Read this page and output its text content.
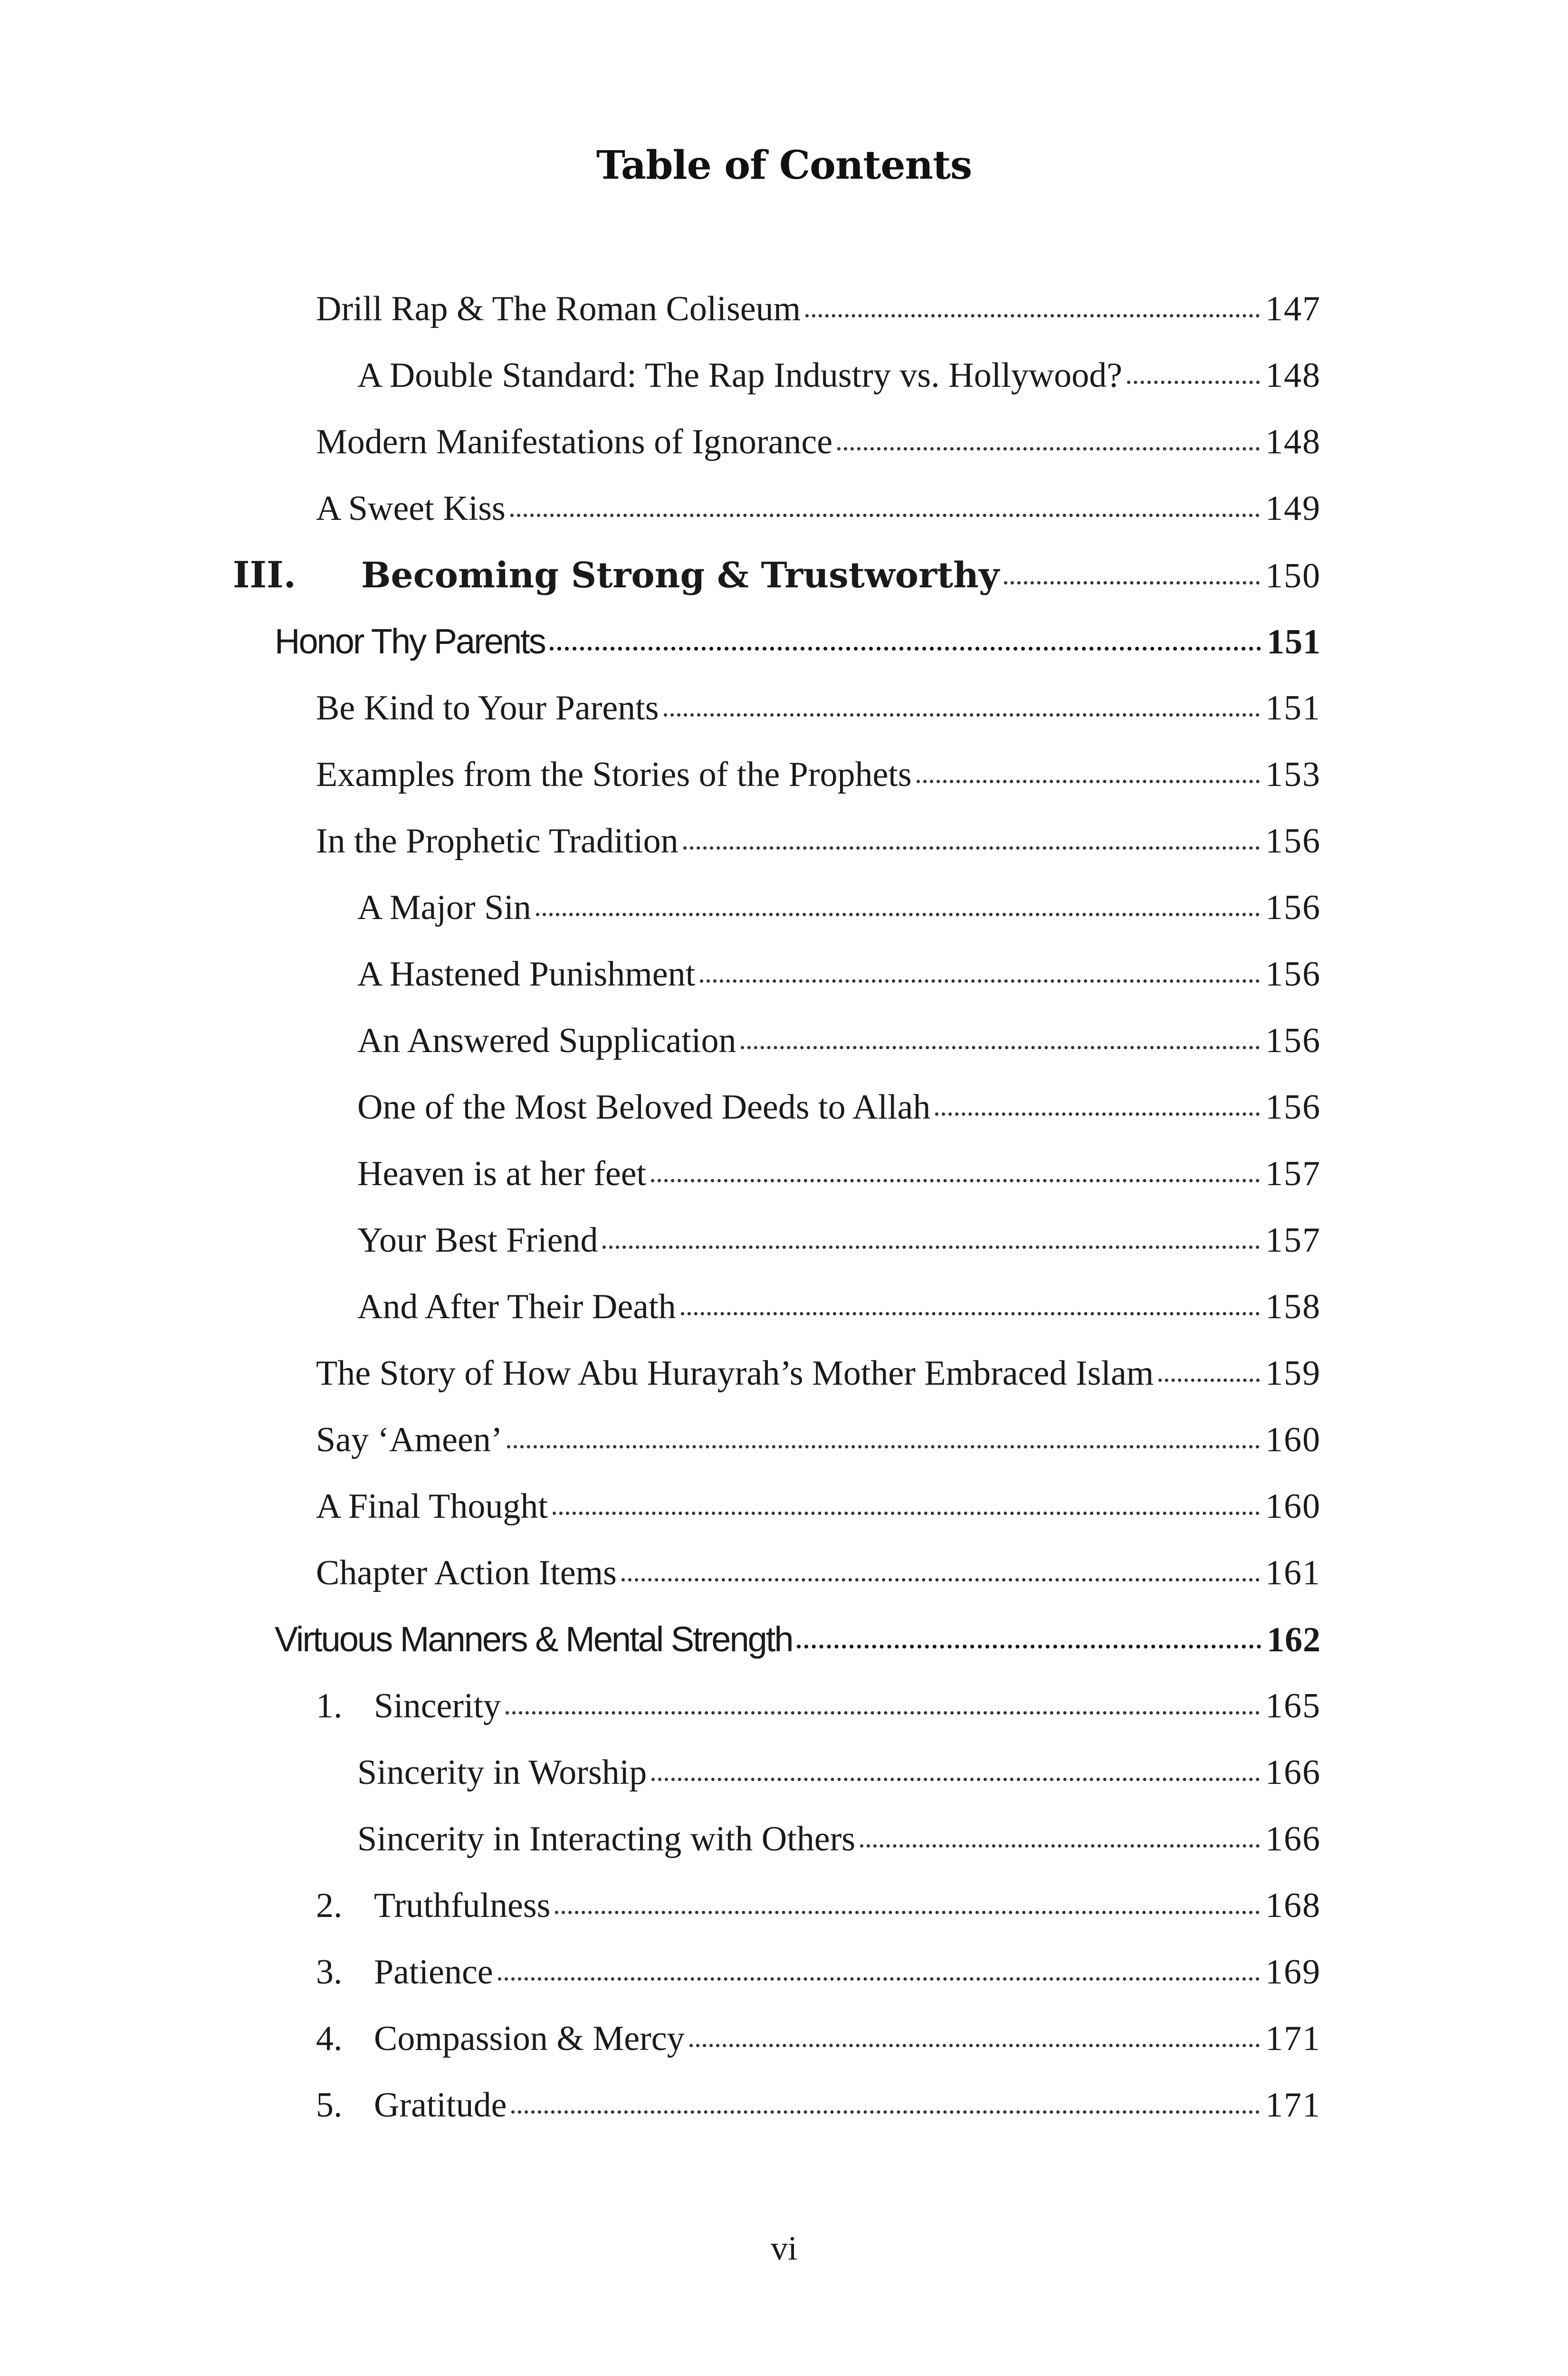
Table of Contents
Drill Rap & The Roman Coliseum	147
A Double Standard: The Rap Industry vs. Hollywood?	148
Modern Manifestations of Ignorance	148
A Sweet Kiss	149
III.	Becoming Strong & Trustworthy	150
Honor Thy Parents	151
Be Kind to Your Parents	151
Examples from the Stories of the Prophets	153
In the Prophetic Tradition	156
A Major Sin	156
A Hastened Punishment	156
An Answered Supplication	156
One of the Most Beloved Deeds to Allah	156
Heaven is at her feet	157
Your Best Friend	157
And After Their Death	158
The Story of How Abu Hurayrah’s Mother Embraced Islam	159
Say ‘Ameen’	160
A Final Thought	160
Chapter Action Items	161
Virtuous Manners & Mental Strength	162
1. Sincerity	165
Sincerity in Worship	166
Sincerity in Interacting with Others	166
2. Truthfulness	168
3. Patience	169
4. Compassion & Mercy	171
5. Gratitude	171
vi
